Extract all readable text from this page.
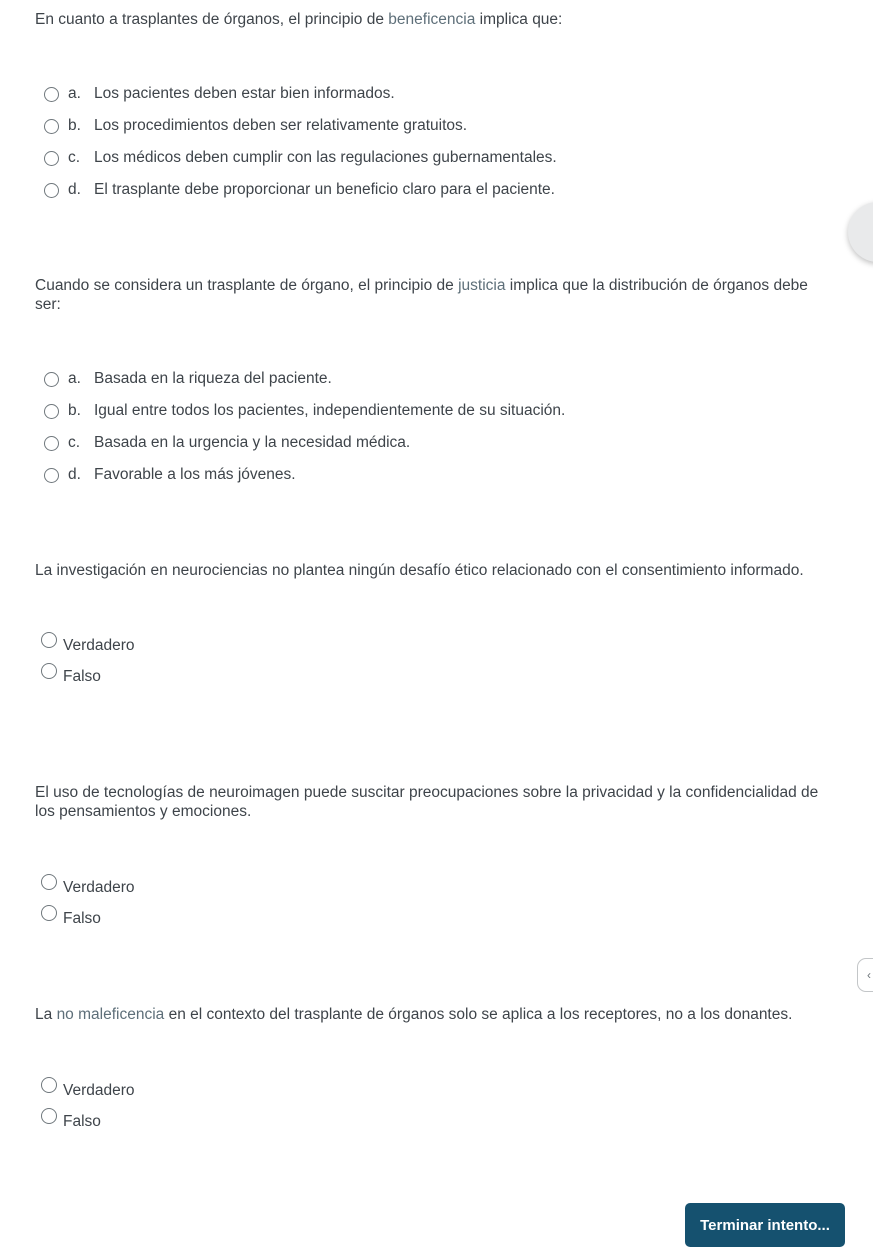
En cuanto a trasplantes de órganos, el principio de beneficencia implica que:

a. Los pacientes deben estar bien informados.
b. Los procedimientos deben ser relativamente gratuitos.
c. Los médicos deben cumplir con las regulaciones gubernamentales.
d. El trasplante debe proporcionar un beneficio claro para el paciente.

Cuando se considera un trasplante de órgano, el principio de justicia implica que la distribución de órganos debe ser:

a. Basada en la riqueza del paciente.
b. Igual entre todos los pacientes, independientemente de su situación.
c. Basada en la urgencia y la necesidad médica.
d. Favorable a los más jóvenes.

La investigación en neurociencias no plantea ningún desafío ético relacionado con el consentimiento informado.

Verdadero
Falso

El uso de tecnologías de neuroimagen puede suscitar preocupaciones sobre la privacidad y la confidencialidad de los pensamientos y emociones.

Verdadero
Falso
‹

La no maleficencia en el contexto del trasplante de órganos solo se aplica a los receptores, no a los donantes.

Verdadero
Falso
Terminar intento...
